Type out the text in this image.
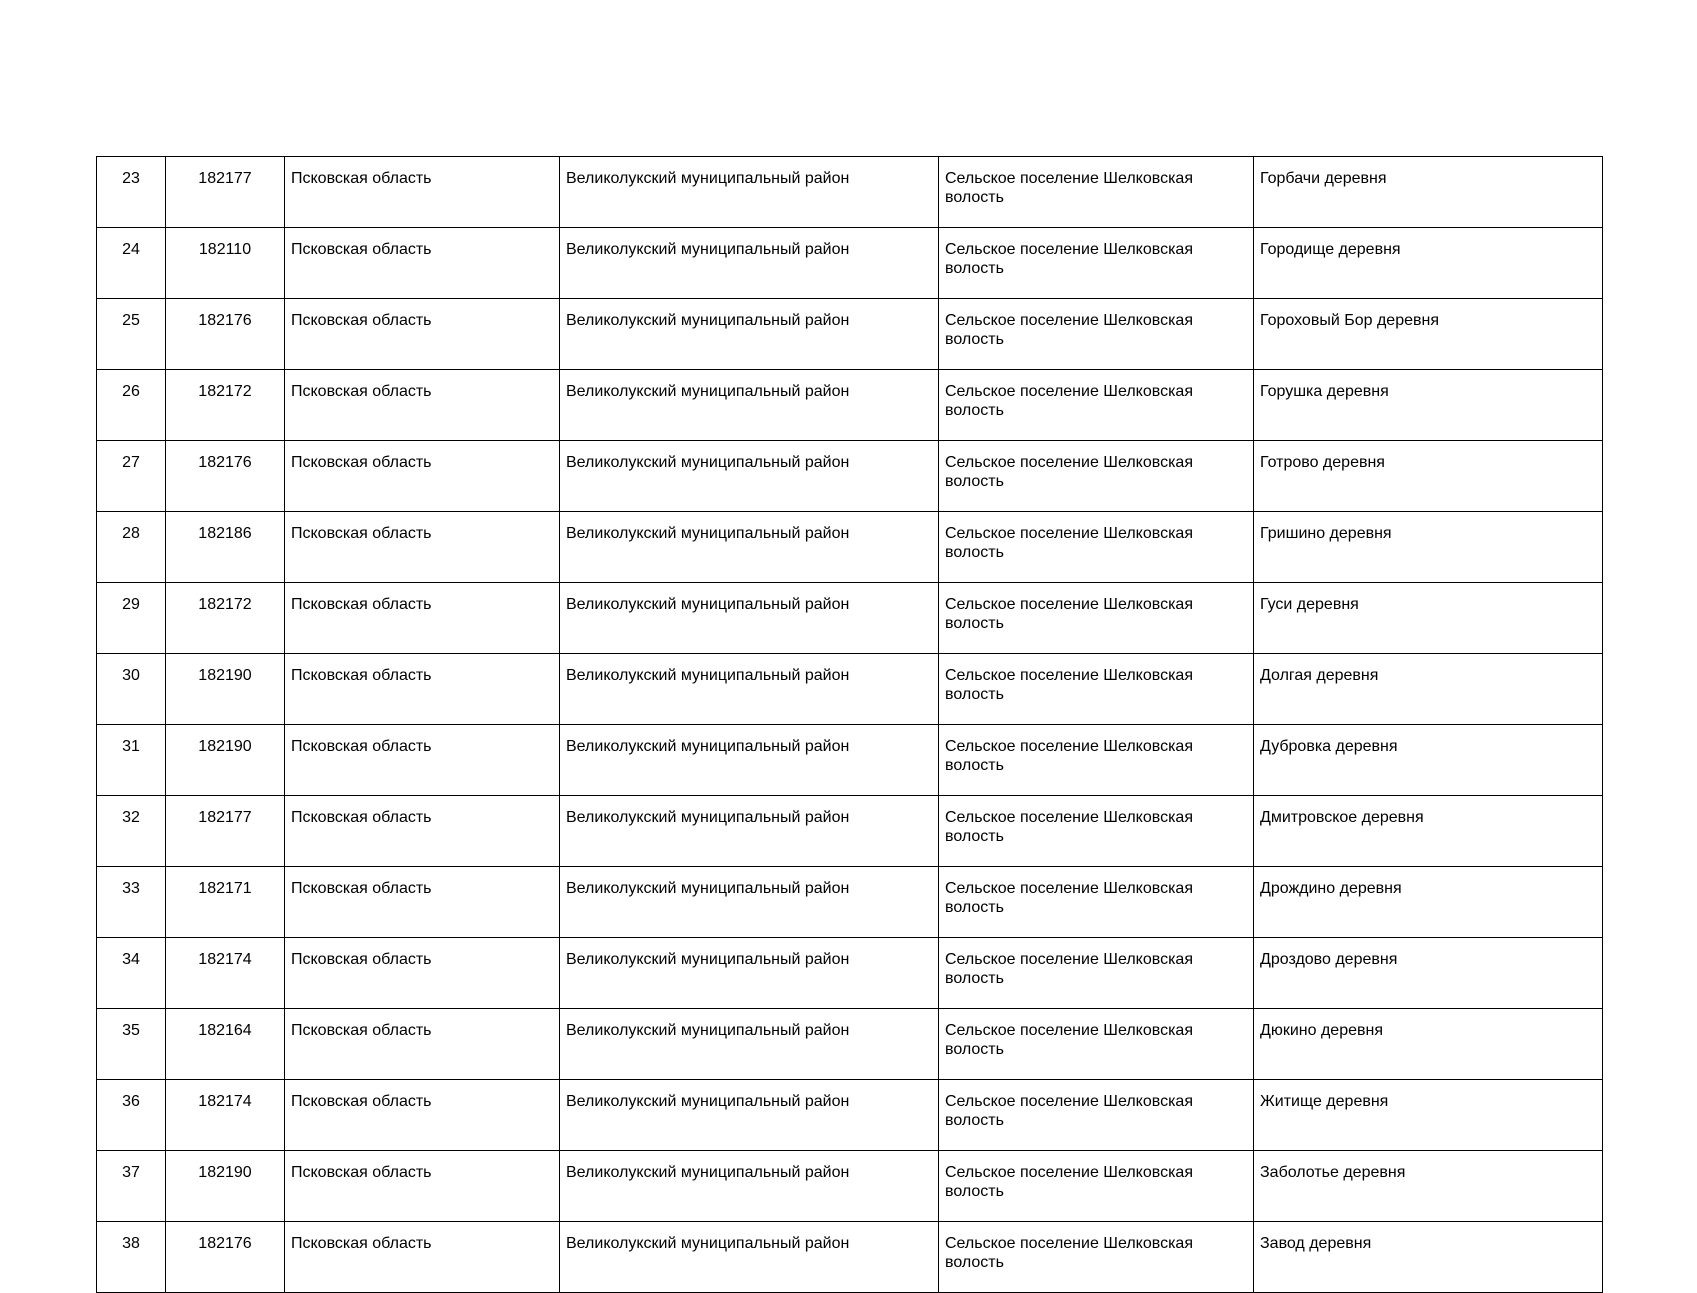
23	182177	Псковская область	Великолукский муниципальный район	Сельское поселение Шелковская волость	Горбачи деревня
24	182110	Псковская область	Великолукский муниципальный район	Сельское поселение Шелковская волость	Городище деревня
25	182176	Псковская область	Великолукский муниципальный район	Сельское поселение Шелковская волость	Гороховый Бор деревня
26	182172	Псковская область	Великолукский муниципальный район	Сельское поселение Шелковская волость	Горушка деревня
27	182176	Псковская область	Великолукский муниципальный район	Сельское поселение Шелковская волость	Готрово деревня
28	182186	Псковская область	Великолукский муниципальный район	Сельское поселение Шелковская волость	Гришино деревня
29	182172	Псковская область	Великолукский муниципальный район	Сельское поселение Шелковская волость	Гуси деревня
30	182190	Псковская область	Великолукский муниципальный район	Сельское поселение Шелковская волость	Долгая деревня
31	182190	Псковская область	Великолукский муниципальный район	Сельское поселение Шелковская волость	Дубровка деревня
32	182177	Псковская область	Великолукский муниципальный район	Сельское поселение Шелковская волость	Дмитровское деревня
33	182171	Псковская область	Великолукский муниципальный район	Сельское поселение Шелковская волость	Дрождино деревня
34	182174	Псковская область	Великолукский муниципальный район	Сельское поселение Шелковская волость	Дроздово деревня
35	182164	Псковская область	Великолукский муниципальный район	Сельское поселение Шелковская волость	Дюкино деревня
36	182174	Псковская область	Великолукский муниципальный район	Сельское поселение Шелковская волость	Житище деревня
37	182190	Псковская область	Великолукский муниципальный район	Сельское поселение Шелковская волость	Заболотье деревня
38	182176	Псковская область	Великолукский муниципальный район	Сельское поселение Шелковская волость	Завод деревня
